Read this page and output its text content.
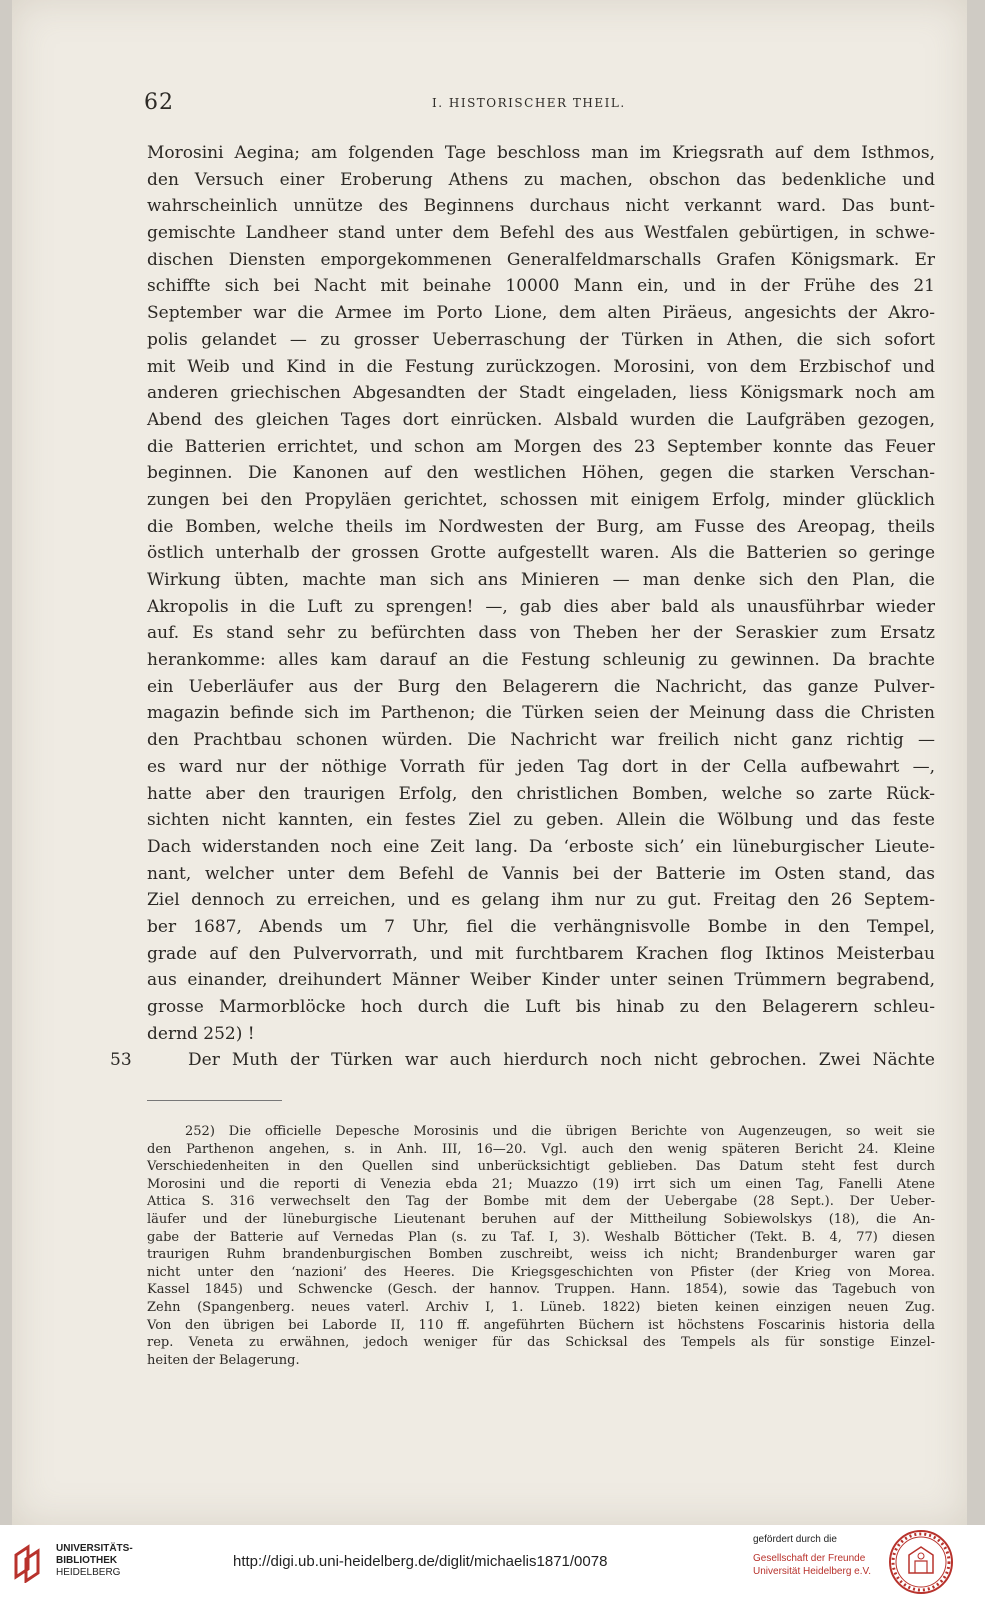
62	I. HISTORISCHER THEIL.
Morosini Aegina; am folgenden Tage beschloss man im Kriegsrath auf dem Isthmos,
den Versuch einer Eroberung Athens zu machen, obschon das bedenkliche und
wahrscheinlich unnütze des Beginnens durchaus nicht verkannt ward. Das bunt-
gemischte Landheer stand unter dem Befehl des aus Westfalen gebürtigen, in schwe-
dischen Diensten emporgekommenen Generalfeldmarschalls Grafen Königsmark. Er
schiffte sich bei Nacht mit beinahe 10000 Mann ein, und in der Frühe des 21
September war die Armee im Porto Lione, dem alten Piräeus, angesichts der Akro-
polis gelandet — zu grosser Ueberraschung der Türken in Athen, die sich sofort
mit Weib und Kind in die Festung zurückzogen. Morosini, von dem Erzbischof und
anderen griechischen Abgesandten der Stadt eingeladen, liess Königsmark noch am
Abend des gleichen Tages dort einrücken. Alsbald wurden die Laufgräben gezogen,
die Batterien errichtet, und schon am Morgen des 23 September konnte das Feuer
beginnen. Die Kanonen auf den westlichen Höhen, gegen die starken Verschan-
zungen bei den Propyläen gerichtet, schossen mit einigem Erfolg, minder glücklich
die Bomben, welche theils im Nordwesten der Burg, am Fusse des Areopag, theils
östlich unterhalb der grossen Grotte aufgestellt waren. Als die Batterien so geringe
Wirkung übten, machte man sich ans Minieren — man denke sich den Plan, die
Akropolis in die Luft zu sprengen! —, gab dies aber bald als unausführbar wieder
auf. Es stand sehr zu befürchten dass von Theben her der Seraskier zum Ersatz
herankomme: alles kam darauf an die Festung schleunig zu gewinnen. Da brachte
ein Ueberläufer aus der Burg den Belagerern die Nachricht, das ganze Pulver-
magazin befinde sich im Parthenon; die Türken seien der Meinung dass die Christen
den Prachtbau schonen würden. Die Nachricht war freilich nicht ganz richtig —
es ward nur der nöthige Vorrath für jeden Tag dort in der Cella aufbewahrt —,
hatte aber den traurigen Erfolg, den christlichen Bomben, welche so zarte Rück-
sichten nicht kannten, ein festes Ziel zu geben. Allein die Wölbung und das feste
Dach widerstanden noch eine Zeit lang. Da ‘erboste sich’ ein lüneburgischer Lieute-
nant, welcher unter dem Befehl de Vannis bei der Batterie im Osten stand, das
Ziel dennoch zu erreichen, und es gelang ihm nur zu gut. Freitag den 26 Septem-
ber 1687, Abends um 7 Uhr, fiel die verhängnisvolle Bombe in den Tempel,
grade auf den Pulvervorrath, und mit furchtbarem Krachen flog Iktinos Meisterbau
aus einander, dreihundert Männer Weiber Kinder unter seinen Trümmern begrabend,
grosse Marmorblöcke hoch durch die Luft bis hinab zu den Belagerern schleu-
dernd 252) !
53	Der Muth der Türken war auch hierdurch noch nicht gebrochen. Zwei Nächte
252) Die officielle Depesche Morosinis und die übrigen Berichte von Augenzeugen, so weit sie
den Parthenon angehen, s. in Anh. III, 16—20. Vgl. auch den wenig späteren Bericht 24. Kleine
Verschiedenheiten in den Quellen sind unberücksichtigt geblieben. Das Datum steht fest durch
Morosini und die reporti di Venezia ebda 21; Muazzo (19) irrt sich um einen Tag, Fanelli Atene
Attica S. 316 verwechselt den Tag der Bombe mit dem der Uebergabe (28 Sept.). Der Ueber-
läufer und der lüneburgische Lieutenant beruhen auf der Mittheilung Sobiewolskys (18), die An-
gabe der Batterie auf Vernedas Plan (s. zu Taf. I, 3). Weshalb Bötticher (Tekt. B. 4, 77) diesen
traurigen Ruhm brandenburgischen Bomben zuschreibt, weiss ich nicht; Brandenburger waren gar
nicht unter den ‘nazioni’ des Heeres. Die Kriegsgeschichten von Pfister (der Krieg von Morea.
Kassel 1845) und Schwencke (Gesch. der hannov. Truppen. Hann. 1854), sowie das Tagebuch von
Zehn (Spangenberg. neues vaterl. Archiv I, 1. Lüneb. 1822) bieten keinen einzigen neuen Zug.
Von den übrigen bei Laborde II, 110 ff. angeführten Büchern ist höchstens Foscarinis historia della
rep. Veneta zu erwähnen, jedoch weniger für das Schicksal des Tempels als für sonstige Einzel-
heiten der Belagerung.
UNIVERSITÄTS-
BIBLIOTHEK
HEIDELBERG
http://digi.ub.uni-heidelberg.de/diglit/michaelis1871/0078
gefördert durch die
Gesellschaft der Freunde
Universität Heidelberg e.V.
